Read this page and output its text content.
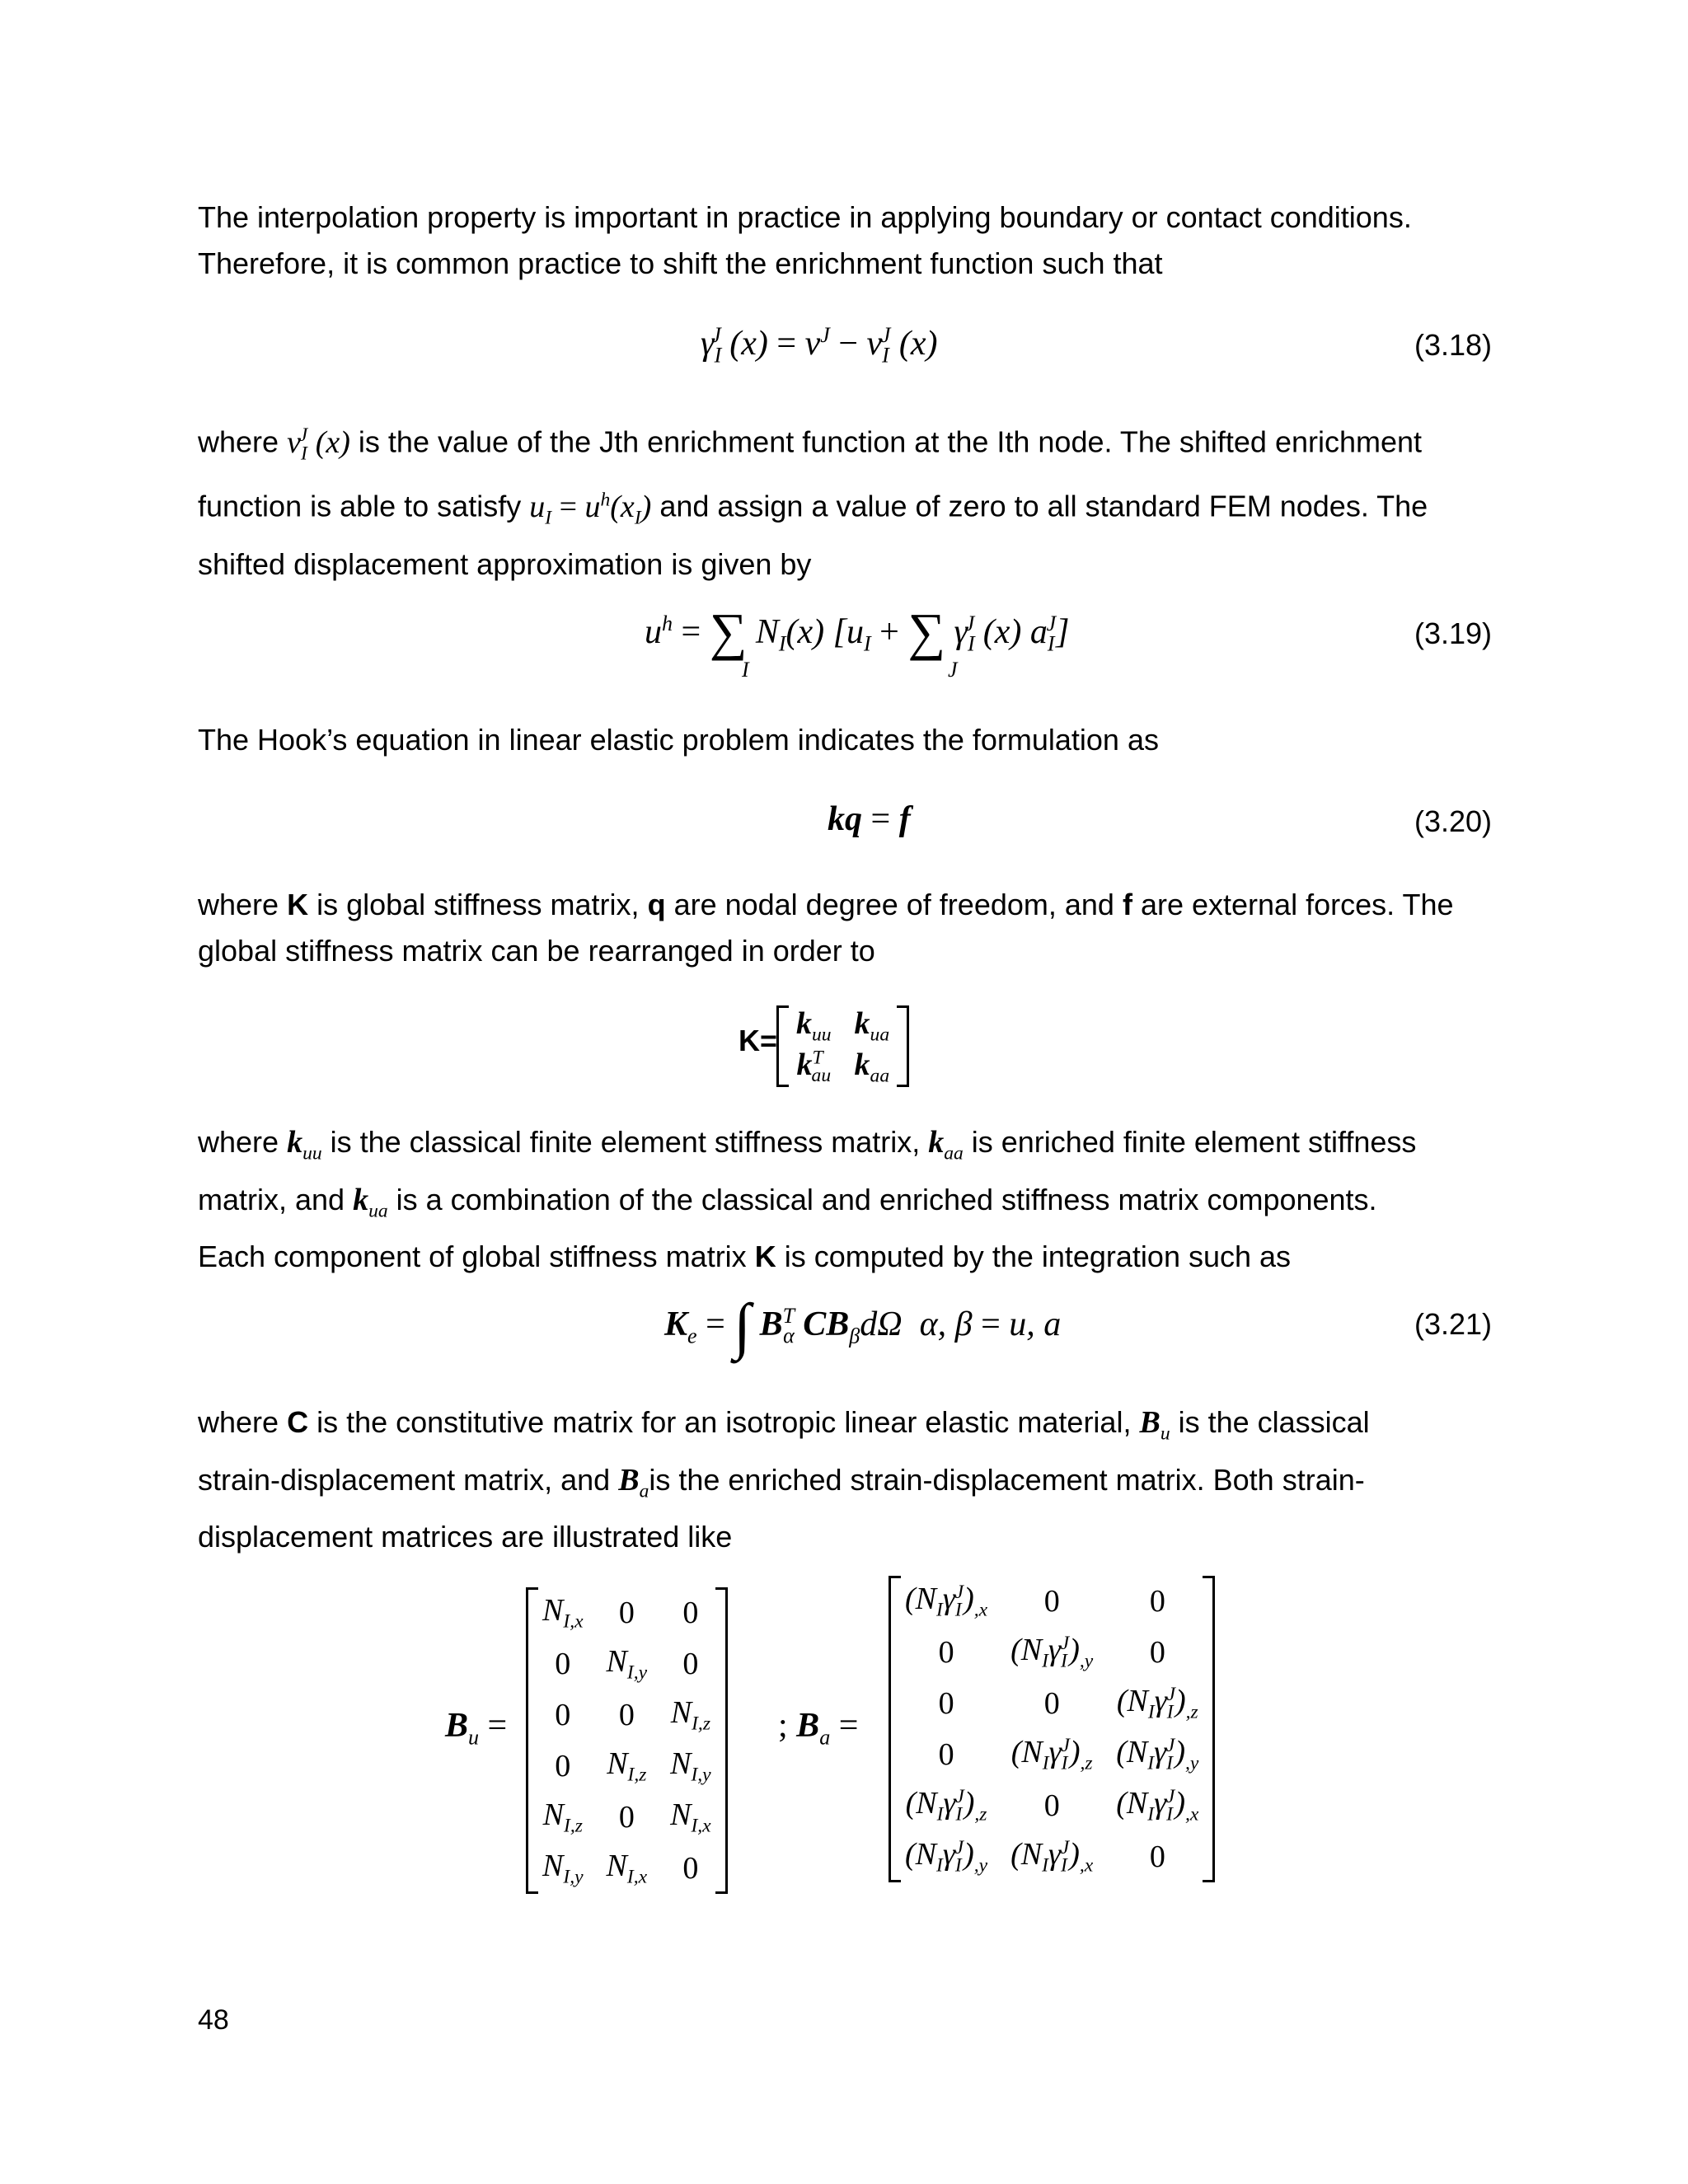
The interpolation property is important in practice in applying boundary or contact conditions.
Therefore, it is common practice to shift the enrichment function such that

$\gamma_I^J$ $(x) = v^J - v_I^J$ (x)	(3.18)

where $v_I^J$ (x) is the value of the Jth enrichment function at the Ith node. The shifted enrichment
function is able to satisfy $u_I = u^h(x_I)$ and assign a value of zero to all standard FEM nodes. The
shifted displacement approximation is given by

$u^h$ = ∑ $N_I(x) [u_I$ + ∑ $\gamma_I^J$ (x) $a_I^J$]
I	J
(3.19)

The Hook’s equation in linear elastic problem indicates the formulation as

kq = f	(3.20)

where K is global stiffness matrix, q are nodal degree of freedom, and f are external forces. The
global stiffness matrix can be rearranged in order to

$K= k_{uu}$	$k_{ua}$
$k^T_{au}$	$k_{aa}$

where $k_{uu}$ is the classical finite element stiffness matrix, $k_{aa}$ is enriched finite element stiffness
matrix, and $k_{ua}$ is a combination of the classical and enriched stiffness matrix components.
Each component of global stiffness matrix K is computed by the integration such as

$K_e$ = ∫ $B^T_\alpha$ $CB_\beta d\Omega$  α, β = u, a	(3.21)

where C is the constitutive matrix for an isotropic linear elastic material, $B_u$ is the classical
strain-displacement matrix, and $B_ais$ the enriched strain-displacement matrix. Both strain-
displacement matrices are illustrated like

$B_u$ =
$N_{I,x}$	0	0
0	$N_{I,y}$	0
0	0	$N_{I,z}$
0	$N_{I,z}$	$N_{I,y}$
$N_{I,z}$	0	$N_{I,x}$
$N_{I,y}$	$N_{I,x}$	0
; $B_a$ =
$(N_I\gamma_I^J)_{,x}$	0	0
0	$(N_I\gamma_I^J)_{,y}$	0
0	0	$(N_I\gamma_I^J)_{,z}$
0	$(N_I\gamma_I^J)_{,z}$	$(N_I\gamma_I^J)_{,y}$
$(N_I\gamma_I^J)_{,z}$	0	$(N_I\gamma_I^J)_{,x}$
$(N_I\gamma_I^J)_{,y}$	$(N_I\gamma_I^J)_{,x}$	0
48
